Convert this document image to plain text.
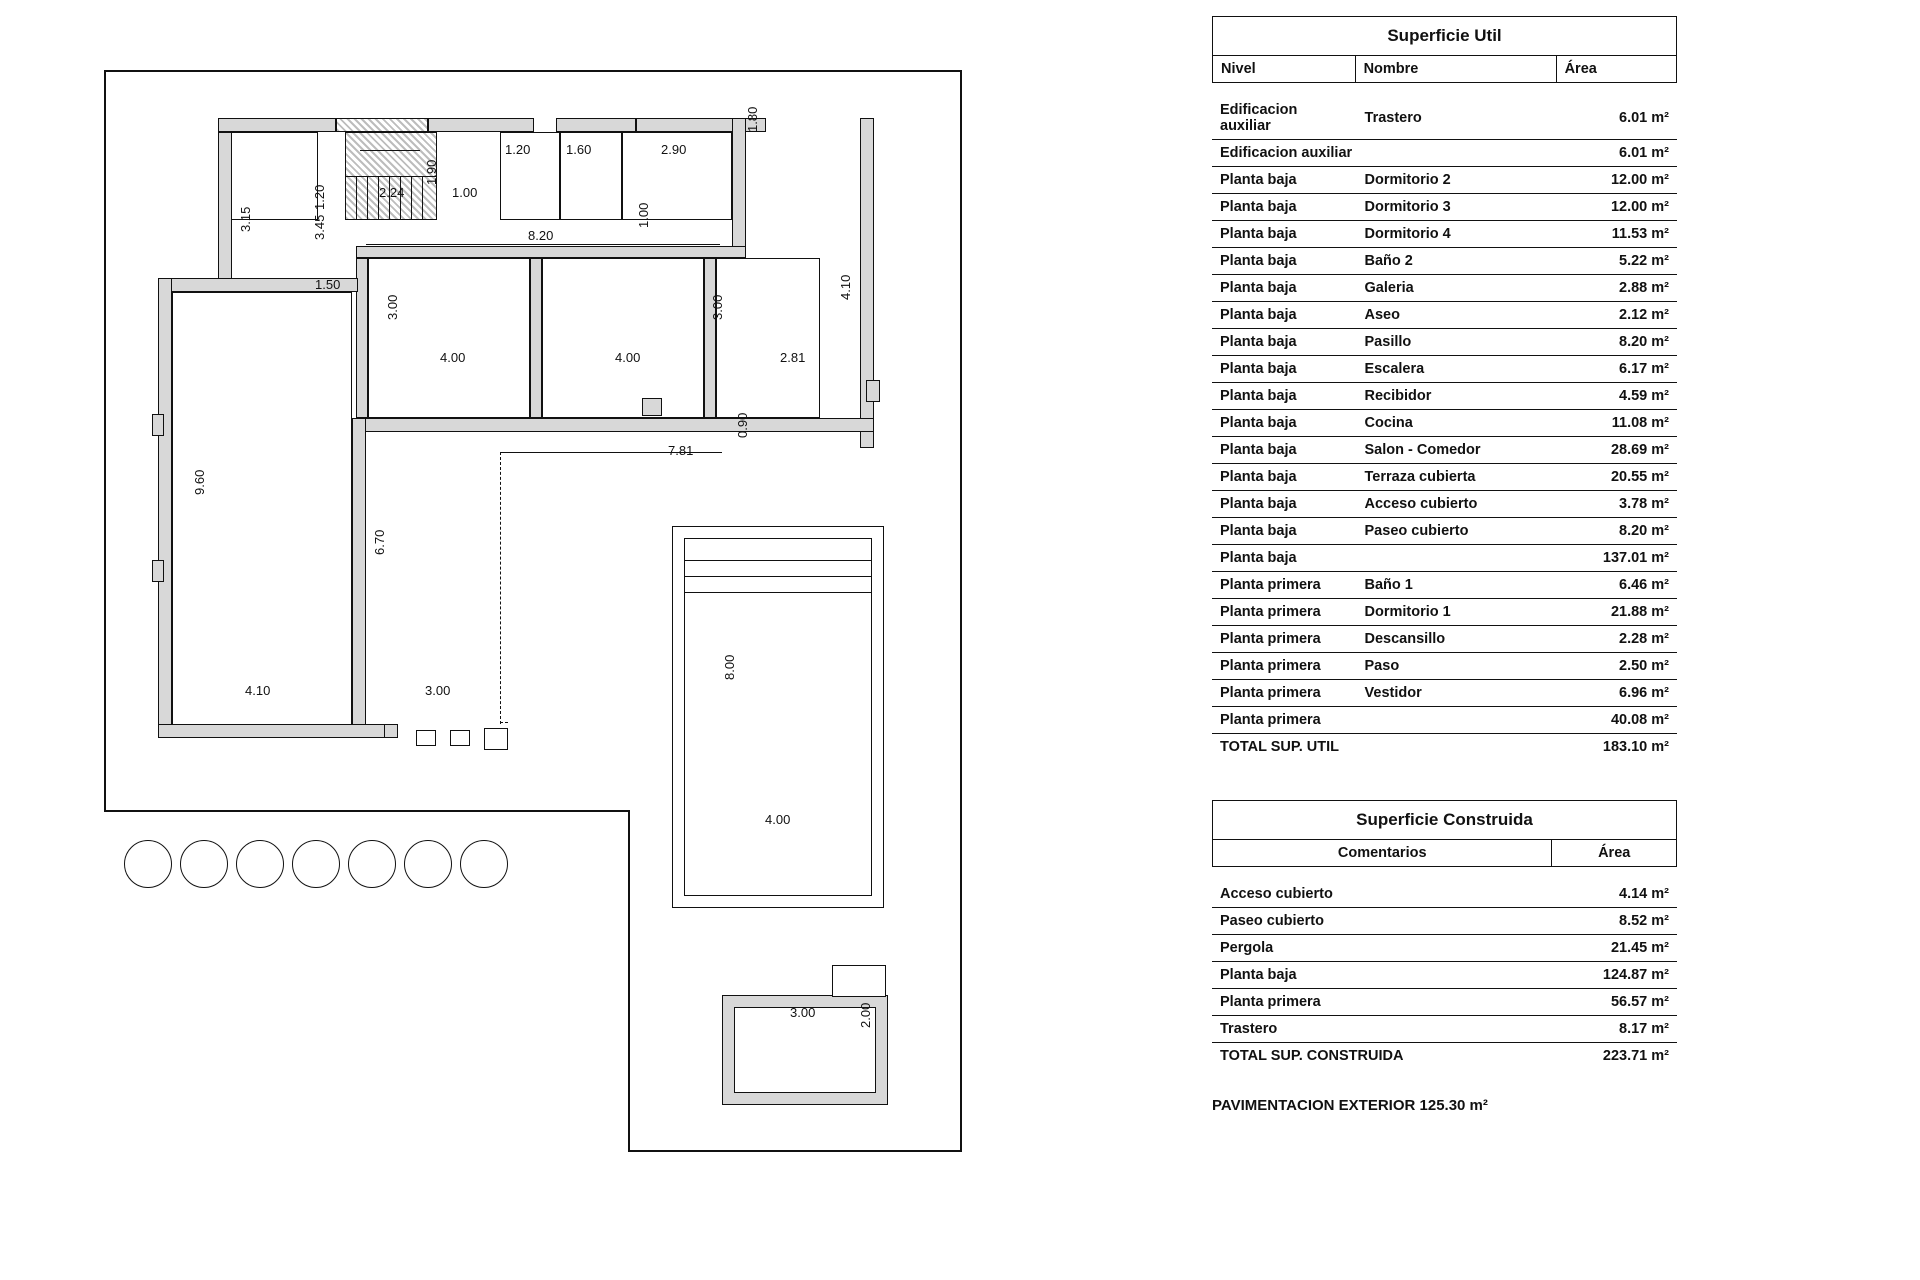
3.15
1.20
3.45
2.24
1.90
1.00
1.20	1.60	2.90
1.80
8.20
1.00
1.50
3.00
4.00	4.00
3.00
2.81
4.10
7.81
0.90
9.60
6.70
4.10	3.00
8.00
4.00
3.00	2.00
Superficie Util
Nivel	Nombre	Área
Edificacion auxiliar	Trastero	6.01 m²
Edificacion auxiliar		6.01 m²
Planta baja	Dormitorio 2	12.00 m²
Planta baja	Dormitorio 3	12.00 m²
Planta baja	Dormitorio 4	11.53 m²
Planta baja	Baño 2	5.22 m²
Planta baja	Galeria	2.88 m²
Planta baja	Aseo	2.12 m²
Planta baja	Pasillo	8.20 m²
Planta baja	Escalera	6.17 m²
Planta baja	Recibidor	4.59 m²
Planta baja	Cocina	11.08 m²
Planta baja	Salon - Comedor	28.69 m²
Planta baja	Terraza cubierta	20.55 m²
Planta baja	Acceso cubierto	3.78 m²
Planta baja	Paseo cubierto	8.20 m²
Planta baja		137.01 m²
Planta primera	Baño 1	6.46 m²
Planta primera	Dormitorio 1	21.88 m²
Planta primera	Descansillo	2.28 m²
Planta primera	Paso	2.50 m²
Planta primera	Vestidor	6.96 m²
Planta primera		40.08 m²
TOTAL SUP. UTIL		183.10 m²
Superficie Construida
Comentarios	Área
Acceso cubierto	4.14 m²
Paseo cubierto	8.52 m²
Pergola	21.45 m²
Planta baja	124.87 m²
Planta primera	56.57 m²
Trastero	8.17 m²
TOTAL SUP. CONSTRUIDA	223.71 m²
PAVIMENTACION EXTERIOR 125.30 m²
